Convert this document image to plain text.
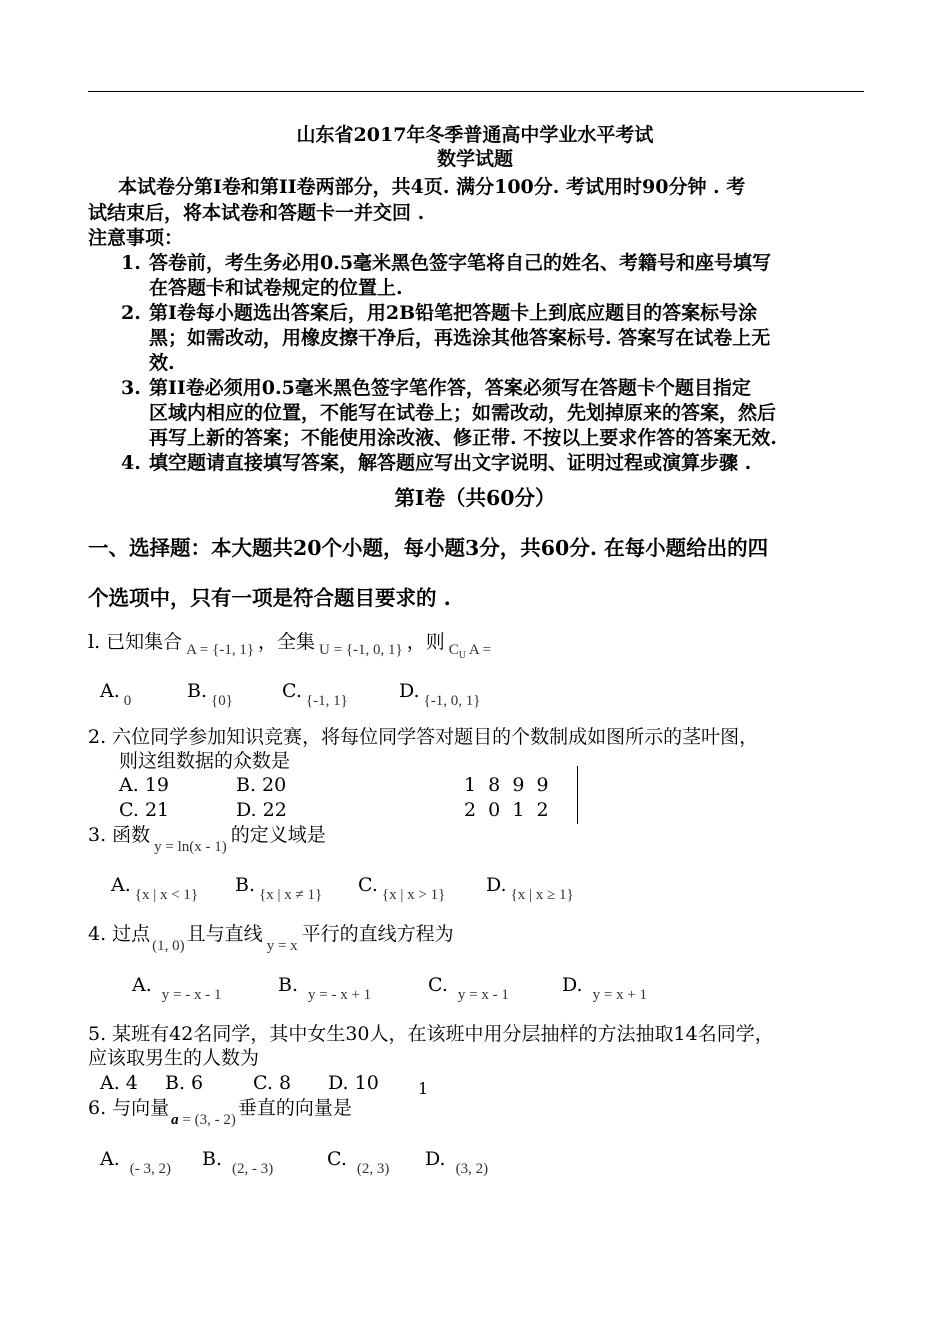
山东省2017年冬季普通高中学业水平考试
数学试题
本试卷分第I卷和第II卷两部分，共4页. 满分100分. 考试用时90分钟 . 考
试结束后，将本试卷和答题卡一并交回 .
注意事项：
1. 答卷前，考生务必用0.5毫米黑色签字笔将自己的姓名、考籍号和座号填写
在答题卡和试卷规定的位置上.
2. 第I卷每小题选出答案后，用2B铅笔把答题卡上到底应题目的答案标号涂
黑；如需改动，用橡皮擦干净后，再选涂其他答案标号. 答案写在试卷上无
效.
3. 第II卷必须用0.5毫米黑色签字笔作答，答案必须写在答题卡个题目指定
区域内相应的位置，不能写在试卷上；如需改动，先划掉原来的答案，然后
再写上新的答案；不能使用涂改液、修正带. 不按以上要求作答的答案无效.
4. 填空题请直接填写答案，解答题应写出文字说明、证明过程或演算步骤 .
第I卷（共60分）
一、选择题：本大题共20个小题，每小题3分，共60分. 在每小题给出的四
个选项中，只有一项是符合题目要求的 .
l. 已知集合 $_{A = \{-1, 1\}}$ ，全集 $_{U = \{-1, 0, 1\}}$ ，则 $_{C_U A =}$
A. $_0$	B. $_{\{0\}}$	C. $_{\{-1, 1\}}$	D. $_{\{-1, 0, 1\}}$
2. 六位同学参加知识竞赛，将每位同学答对题目的个数制成如图所示的茎叶图，
则这组数据的众数是
A. 19	B. 20
C. 21	D. 22
1  8  9  9
2  0  1  2
3. 函数$_{y = ln(x - 1)}$的定义域是
A. $_{\{x | x < 1\}}$ B. $_{\{x | x \ne 1\}}$ C. $_{\{x | x > 1\}}$ D. $_{\{x | x \ge 1\}}$
4. 过点$_{(1, 0)}$且与直线$_{y = x}$平行的直线方程为
A. $_{y = - x - 1}$	B. $_{y = - x + 1}$	C. $_{y = x - 1}$	D. $_{y = x + 1}$
5. 某班有42名同学，其中女生30人，在该班中用分层抽样的方法抽取14名同学，
应该取男生的人数为
A. 4 B. 6	C. 8 D. 10 1
6. 与向量$_{a = (3, - 2)}$垂直的向量是
A. $_{(- 3, 2)}$ B. $_{(2, - 3)}$	C. $_{(2, 3)}$ D. $_{(3, 2)}$
